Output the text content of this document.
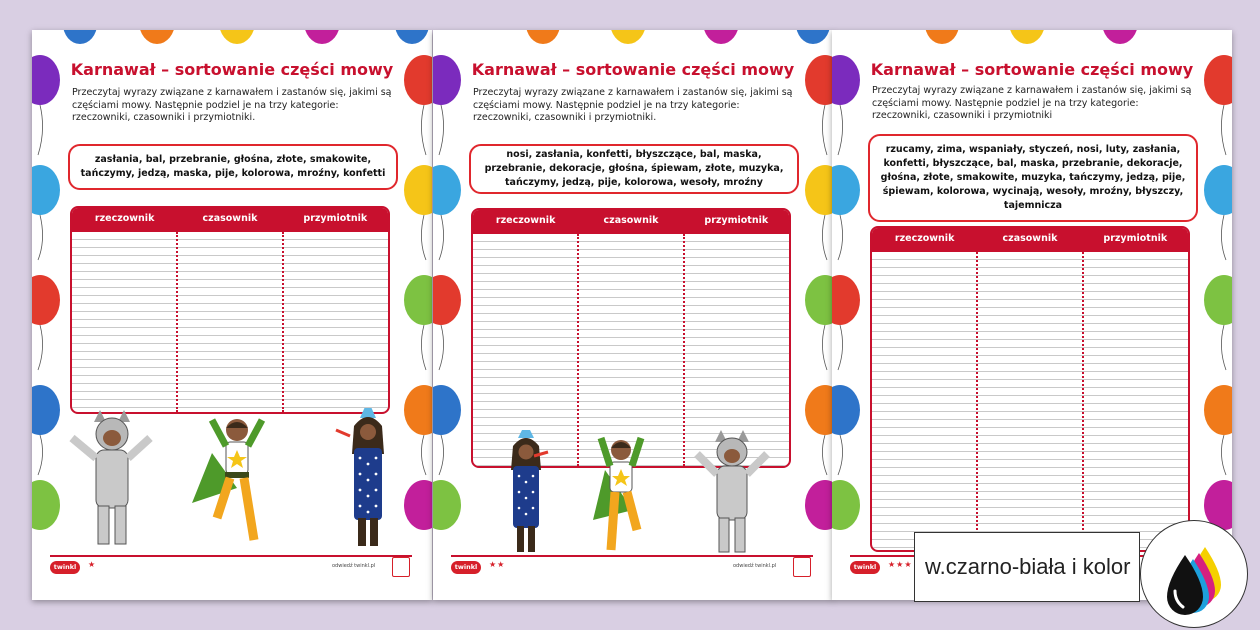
Karnawał – sortowanie części mowy
Przeczytaj wyrazy związane z karnawałem i zastanów się, jakimi są częściami mowy. Następnie podziel je na trzy kategorie: rzeczowniki, czasowniki i przymiotniki.
zasłania, bal, przebranie, głośna, złote, smakowite, tańczymy, jedzą, maska, pije, kolorowa, mroźny, konfetti
rzeczownik	czasownik	przymiotnik
twinkl	★	odwiedź twinkl.pl
Karnawał – sortowanie części mowy
Przeczytaj wyrazy związane z karnawałem i zastanów się, jakimi są częściami mowy. Następnie podziel je na trzy kategorie: rzeczowniki, czasowniki i przymiotniki.
nosi, zasłania, konfetti, błyszczące, bal, maska, przebranie, dekoracje, głośna, śpiewam, złote, muzyka, tańczymy, jedzą, pije, kolorowa, wesoły, mroźny
rzeczownik	czasownik	przymiotnik
twinkl	★★	odwiedź twinkl.pl
Karnawał – sortowanie części mowy
Przeczytaj wyrazy związane z karnawałem i zastanów się, jakimi są częściami mowy. Następnie podziel je na trzy kategorie: rzeczowniki, czasowniki i przymiotniki
rzucamy, zima, wspaniały, styczeń, nosi, luty, zasłania, konfetti, błyszczące, bal, maska, przebranie, dekoracje, głośna, złote, smakowite, muzyka, tańczymy, jedzą, pije, śpiewam, kolorowa, wycinają, wesoły, mroźny, błyszczy, tajemnicza
rzeczownik	czasownik	przymiotnik
twinkl	★★★ w.czarno-biała i kolor
